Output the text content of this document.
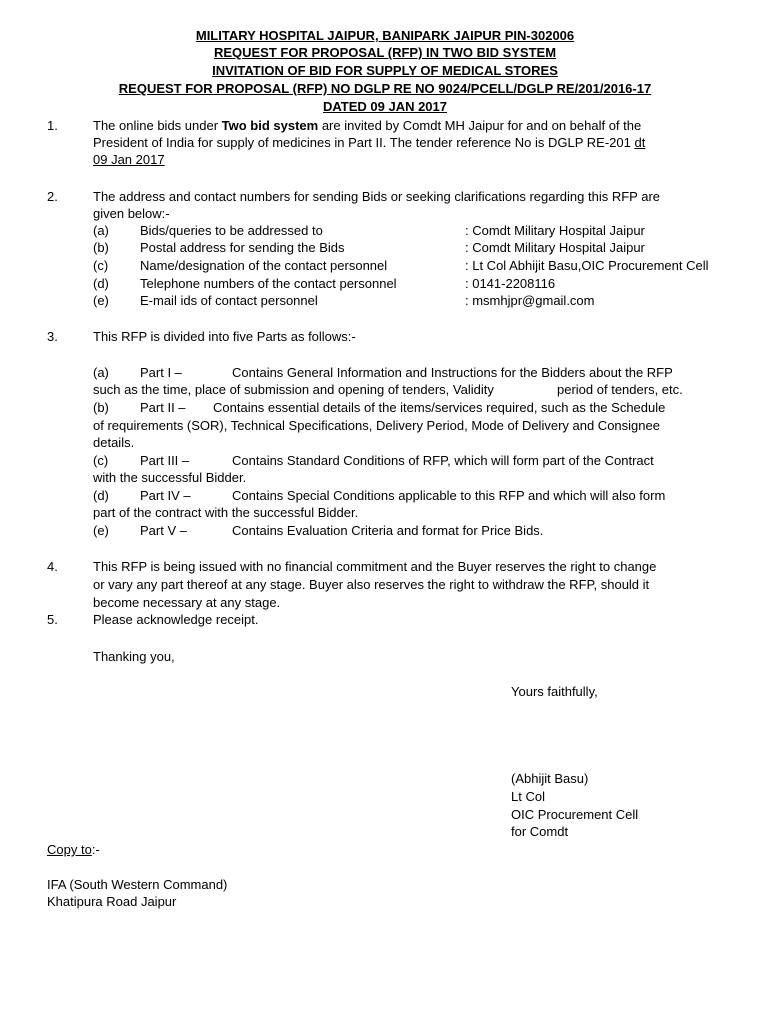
MILITARY HOSPITAL JAIPUR, BANIPARK JAIPUR PIN-302006
REQUEST FOR PROPOSAL (RFP) IN TWO BID SYSTEM
INVITATION OF BID FOR SUPPLY OF MEDICAL STORES
REQUEST FOR PROPOSAL (RFP) NO DGLP RE NO 9024/PCELL/DGLP RE/201/2016-17
DATED 09 JAN 2017
1.	The online bids under Two bid system are invited by Comdt MH Jaipur for and on behalf of the
President of India for supply of medicines in Part II. The tender reference No is DGLP RE-201 dt
09 Jan 2017
2.	The address and contact numbers for sending Bids or seeking clarifications regarding this RFP are
given below:-
(a) Bids/queries to be addressed to	: Comdt Military Hospital Jaipur
(b) Postal address for sending the Bids	: Comdt Military Hospital Jaipur
(c) Name/designation of the contact personnel	: Lt Col Abhijit Basu,OIC Procurement Cell
(d) Telephone numbers of the contact personnel	: 0141-2208116
(e) E-mail ids of contact personnel	: msmhjpr@gmail.com
3.	This RFP is divided into five Parts as follows:-
(a) Part I –	Contains General Information and Instructions for the Bidders about the RFP
such as the time, place of submission and opening of tenders, Validity	period of tenders, etc.
(b) Part II – Contains essential details of the items/services required, such as the Schedule
of requirements (SOR), Technical Specifications, Delivery Period, Mode of Delivery and Consignee
details.
(c) Part III –	Contains Standard Conditions of RFP, which will form part of the Contract
with the successful Bidder.
(d) Part IV –	Contains Special Conditions applicable to this RFP and which will also form
part of the contract with the successful Bidder.
(e) Part V –	Contains Evaluation Criteria and format for Price Bids.
4.	This RFP is being issued with no financial commitment and the Buyer reserves the right to change
or vary any part thereof at any stage. Buyer also reserves the right to withdraw the RFP, should it
become necessary at any stage.
5.	Please acknowledge receipt.
Thanking you,
Yours faithfully,
(Abhijit Basu)
Lt Col
OIC Procurement Cell
for Comdt
Copy to:-
IFA (South Western Command)
Khatipura Road Jaipur
